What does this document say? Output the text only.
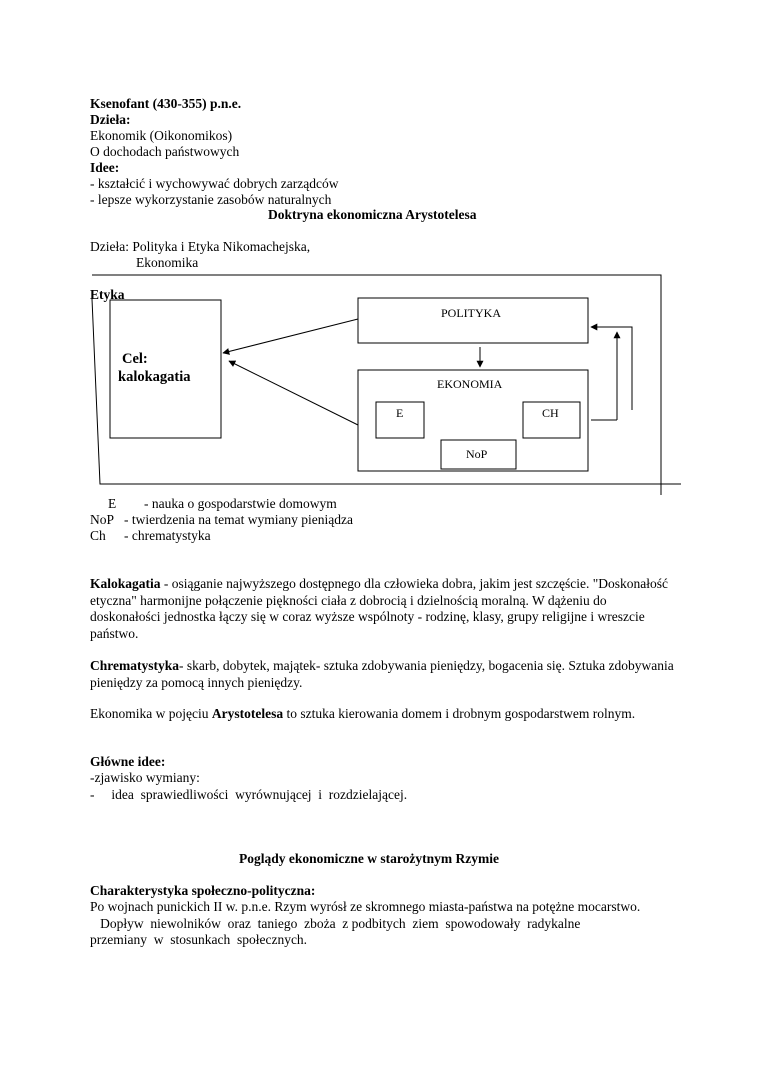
Ksenofant (430-355) p.n.e.
Dzieła:
Ekonomik (Oikonomikos)
O dochodach państwowych
Idee:
- kształcić i wychowywać dobrych zarządców
- lepsze wykorzystanie zasobów naturalnych
Doktryna ekonomiczna Arystotelesa
Dzieła: Polityka i Etyka Nikomachejska,
Ekonomika
Etyka
Cel:
kalokagatia
POLITYKA
EKONOMIA
E	CH
NoP
E - nauka o gospodarstwie domowym
NoP - twierdzenia na temat wymiany pieniądza
Ch - chrematystyka

Kalokagatia - osiąganie najwyższego dostępnego dla człowieka dobra, jakim jest szczęście. "Doskonałość etyczna" harmonijne połączenie piękności ciała z dobrocią i dzielnością moralną. W dążeniu do doskonałości jednostka łączy się w coraz wyższe wspólnoty - rodzinę, klasy, grupy religijne i wreszcie państwo.

Chrematystyka- skarb, dobytek, majątek- sztuka zdobywania pieniędzy, bogacenia się. Sztuka zdobywania pieniędzy za pomocą innych pieniędzy.

Ekonomika w pojęciu Arystotelesa to sztuka kierowania domem i drobnym gospodarstwem rolnym.

Główne idee:
-zjawisko wymiany:
-     idea  sprawiedliwości  wyrównującej  i  rozdzielającej.
Poglądy ekonomiczne w starożytnym Rzymie
Charakterystyka społeczno-polityczna:

Po wojnach punickich II w. p.n.e. Rzym wyrósł ze skromnego miasta-państwa na potężne mocarstwo.

Dopływ  niewolników  oraz  taniego  zboża  z podbitych  ziem  spowodowały  radykalne przemiany  w  stosunkach  społecznych.
